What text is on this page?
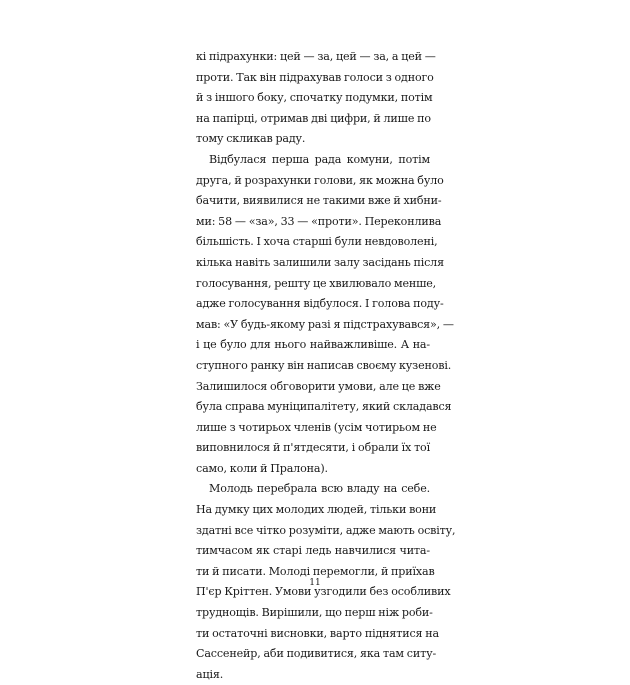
кі підрахунки: цей — за, цей — за, а цей —
проти. Так він підрахував голоси з одного
й з іншого боку, спочатку подумки, потім
на папірці, отримав дві цифри, й лише по
тому скликав раду.
Відбулася перша рада комуни, потім
друга, й розрахунки голови, як можна було
бачити, виявилися не такими вже й хибни-
ми: 58 — «за», 33 — «проти». Переконлива
більшість. І хоча старші були невдоволені,
кілька навіть залишили залу засідань після
голосування, решту це хвилювало менше,
адже голосування відбулося. І голова поду-
мав: «У будь-якому разі я підстрахувався», —
і це було для нього найважливіше. А на-
ступного ранку він написав своєму кузенові.
Залишилося обговорити умови, але це вже
була справа муніципалітету, який складався
лише з чотирьох членів (усім чотирьом не
виповнилося й п'ятдесяти, і обрали їх тої
само, коли й Пралона).
Молодь перебрала всю владу на себе.
На думку цих молодих людей, тільки вони
здатні все чітко розуміти, адже мають освіту,
тимчасом як старі ледь навчилися чита-
ти й писати. Молоді перемогли, й приїхав
П'єр Кріттен. Умови узгодили без особливих
труднощів. Вирішили, що перш ніж роби-
ти остаточні висновки, варто піднятися на
Сассенейр, аби подивитися, яка там ситу-
ація.
11
